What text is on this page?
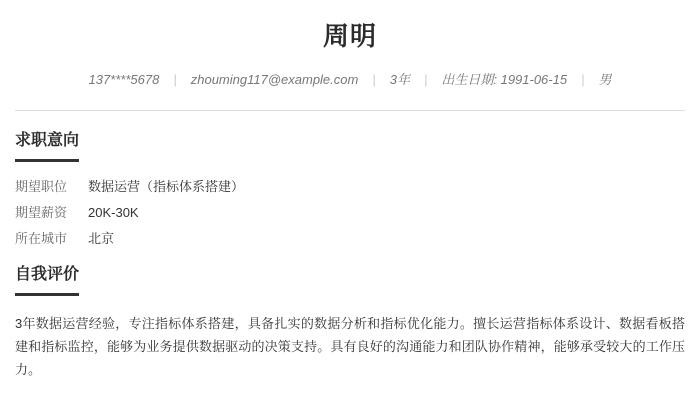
周明
137****5678 | zhouming117@example.com | 3年 | 出生日期: 1991-06-15 | 男
求职意向
期望职位 数据运营（指标体系搭建）
期望薪资 20K-30K
所在城市 北京
自我评价

3年数据运营经验，专注指标体系搭建，具备扎实的数据分析和指标优化能力。擅长运营指标体系设计、数据看板搭建和指标监控，能够为业务提供数据驱动的决策支持。具有良好的沟通能力和团队协作精神，能够承受较大的工作压力。
